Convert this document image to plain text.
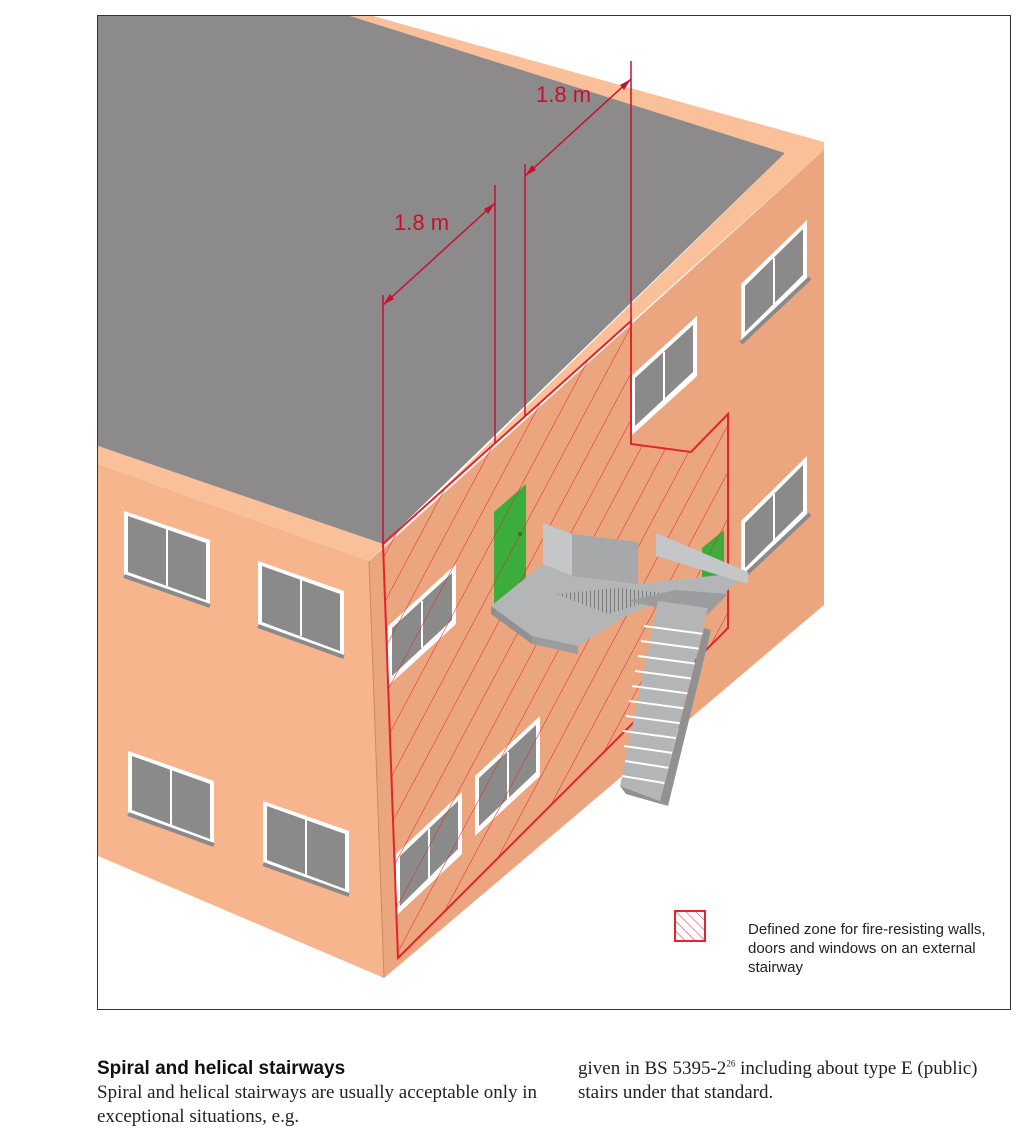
1.8 m
1.8 m
Defined zone for fire-resisting walls, doors and windows on an external stairway

Spiral and helical stairways

Spiral and helical stairways are usually acceptable only in exceptional situations, e.g.

given in BS $5395-2^{26}$ including about type E (public) stairs under that standard.
